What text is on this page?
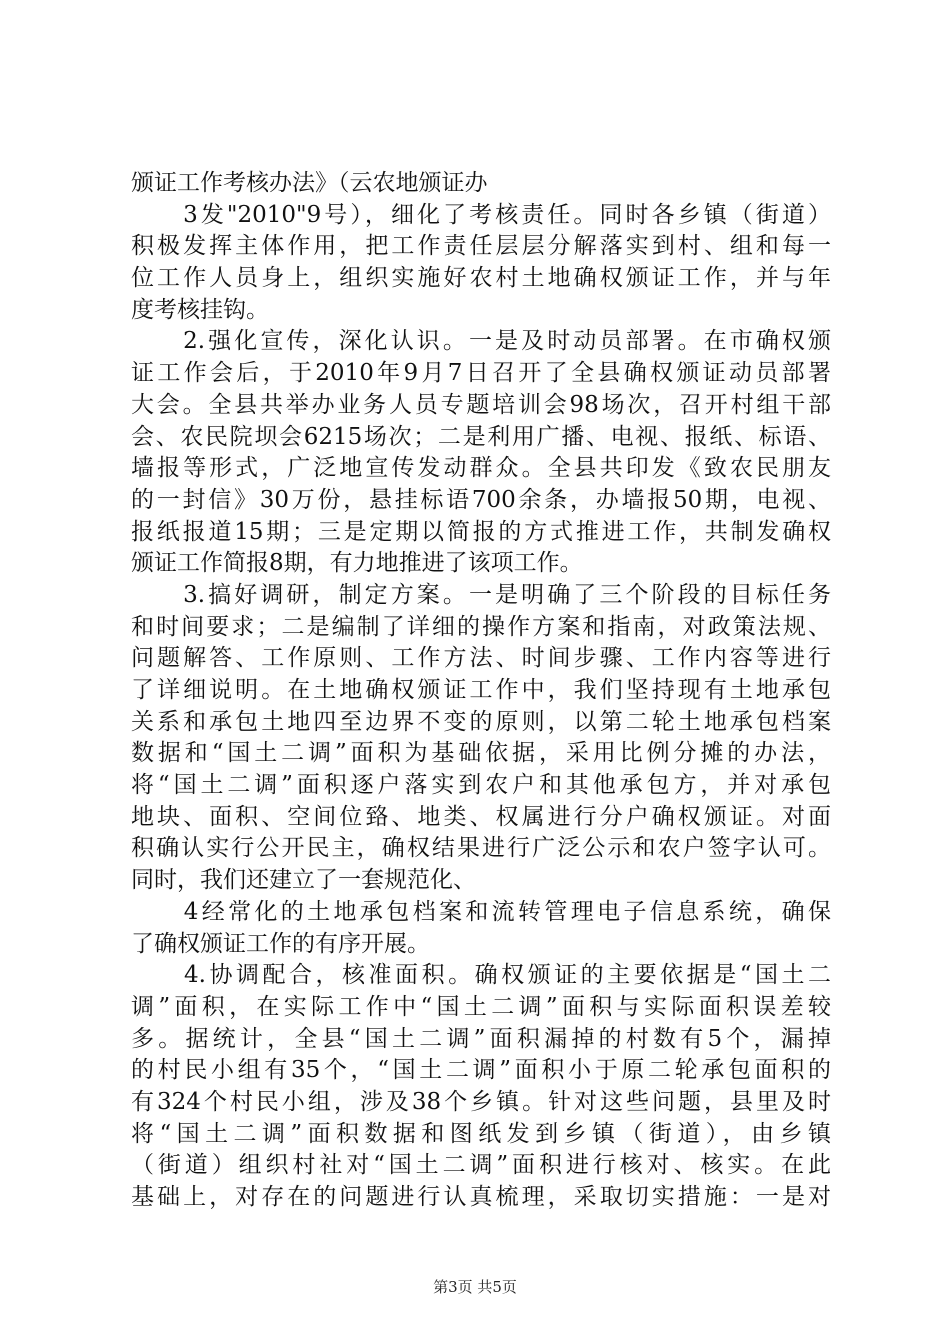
颁证工作考核办法》（云农地颁证办
　　3发"2010"9号），细化了考核责任。同时各乡镇（街道）
积极发挥主体作用，把工作责任层层分解落实到村、组和每一
位工作人员身上，组织实施好农村土地确权颁证工作，并与年
度考核挂钩。
　　2.强化宣传，深化认识。一是及时动员部署。在市确权颁
证工作会后，于2010年9月7日召开了全县确权颁证动员部署
大会。全县共举办业务人员专题培训会98场次，召开村组干部
会、农民院坝会6215场次；二是利用广播、电视、报纸、标语、
墙报等形式，广泛地宣传发动群众。全县共印发《致农民朋友
的一封信》30万份，悬挂标语700余条，办墙报50期，电视、
报纸报道15期；三是定期以简报的方式推进工作，共制发确权
颁证工作简报8期，有力地推进了该项工作。
　　3.搞好调研，制定方案。一是明确了三个阶段的目标任务
和时间要求；二是编制了详细的操作方案和指南，对政策法规、
问题解答、工作原则、工作方法、时间步骤、工作内容等进行
了详细说明。在土地确权颁证工作中，我们坚持现有土地承包
关系和承包土地四至边界不变的原则，以第二轮土地承包档案
数据和“国土二调”面积为基础依据，采用比例分摊的办法，
将“国土二调”面积逐户落实到农户和其他承包方，并对承包
地块、面积、空间位臵、地类、权属进行分户确权颁证。对面
积确认实行公开民主，确权结果进行广泛公示和农户签字认可。
同时，我们还建立了一套规范化、
　　4经常化的土地承包档案和流转管理电子信息系统，确保
了确权颁证工作的有序开展。
　　4.协调配合，核准面积。确权颁证的主要依据是“国土二
调”面积，在实际工作中“国土二调”面积与实际面积误差较
多。据统计，全县“国土二调”面积漏掉的村数有5个，漏掉
的村民小组有35个，“国土二调”面积小于原二轮承包面积的
有324个村民小组，涉及38个乡镇。针对这些问题，县里及时
将“国土二调”面积数据和图纸发到乡镇（街道），由乡镇
（街道）组织村社对“国土二调”面积进行核对、核实。在此
基础上，对存在的问题进行认真梳理，采取切实措施：一是对
第3页 共5页
